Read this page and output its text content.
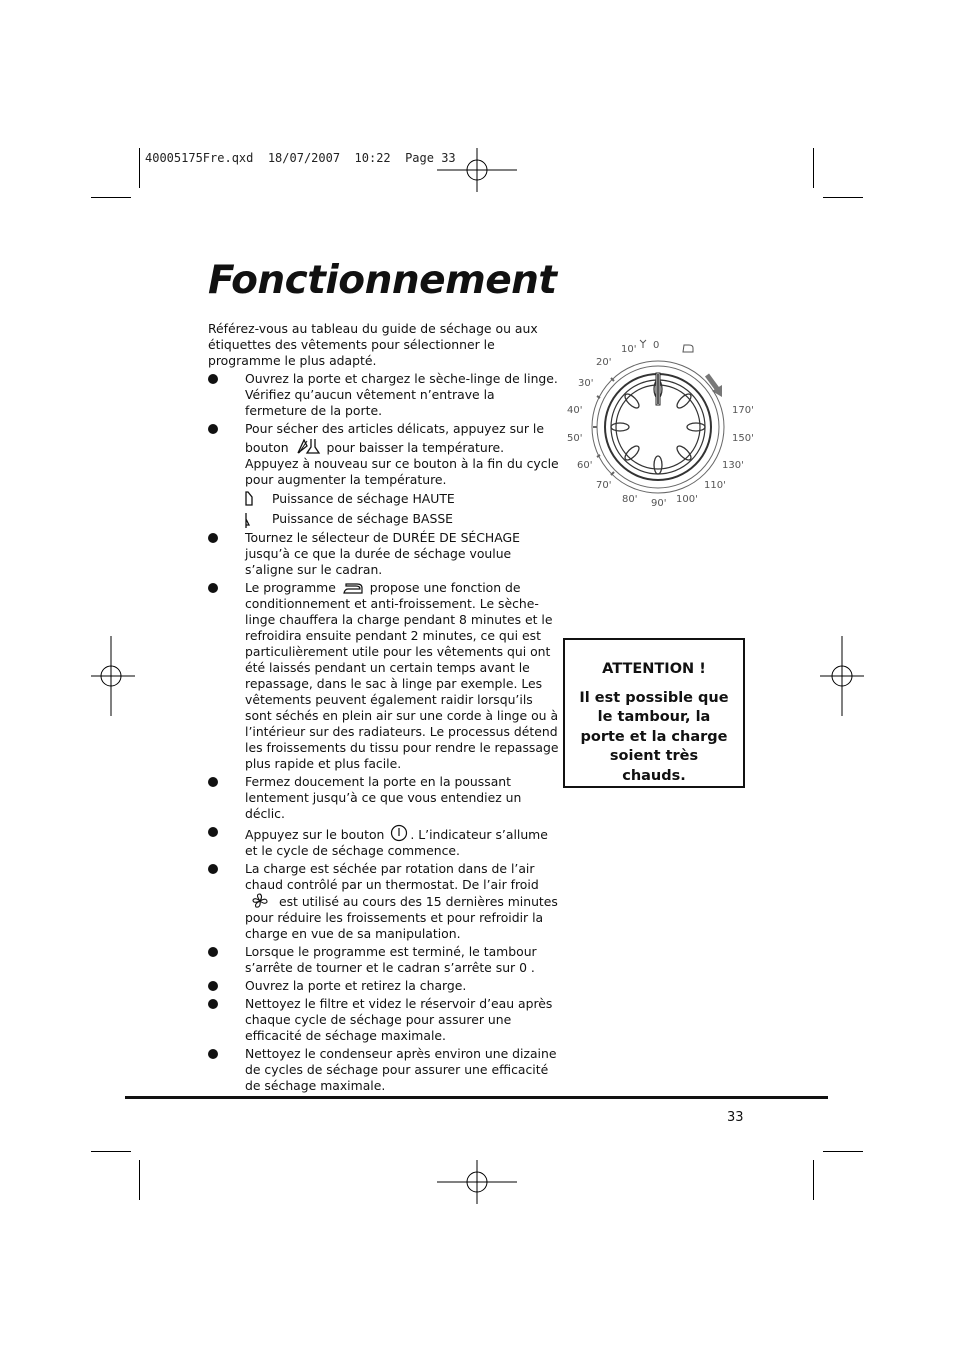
40005175Fre.qxd  18/07/2007  10:22  Page 33
Fonctionnement

Référez-vous au tableau du guide de séchage ou aux étiquettes des vêtements pour sélectionner le programme le plus adapté.

Ouvrez la porte et chargez le sèche-linge de linge. Vérifiez qu’aucun vêtement n’entrave la fermeture de la porte.
Pour sécher des articles délicats, appuyez sur le bouton	pour baisser la température. Appuyez à nouveau sur ce bouton à la fin du cycle pour augmenter la température.
Puissance de séchage HAUTE
Puissance de séchage BASSE
Tournez le sélecteur de DURÉE DE SÉCHAGE jusqu’à ce que la durée de séchage voulue s’aligne sur le cadran.
Le programme	propose une fonction de conditionnement et anti-froissement. Le sèche-linge chauffera la charge pendant 8 minutes et le refroidira ensuite pendant 2 minutes, ce qui est particulièrement utile pour les vêtements qui ont été laissés pendant un certain temps avant le repassage, dans le sac à linge par exemple. Les vêtements peuvent également raidir lorsqu’ils sont séchés en plein air sur une corde à linge ou à l’intérieur sur des radiateurs. Le processus détend les froissements du tissu pour rendre le repassage plus rapide et plus facile.
Fermez doucement la porte en la poussant lentement jusqu’à ce que vous entendiez un déclic.
Appuyez sur le bouton . L’indicateur s’allume et le cycle de séchage commence.
La charge est séchée par rotation dans de l’air chaud contrôlé par un thermostat. De l’air froid  est utilisé au cours des 15 dernières minutes pour réduire les froissements et pour refroidir la charge en vue de sa manipulation.
Lorsque le programme est terminé, le tambour s’arrête de tourner et le cadran s’arrête sur 0 .
Ouvrez la porte et retirez la charge.
Nettoyez le filtre et videz le réservoir d’eau après chaque cycle de séchage pour assurer une efficacité de séchage maximale.
Nettoyez le condenseur après environ une dizaine de cycles de séchage pour assurer une efficacité de séchage maximale.
10' 0
20'
30'
40'
50'
60'
70'
80' 90' 100'
110'
130'
150'
170'
ATTENTION !
Il est possible que le tambour, la porte et la charge soient très chauds.
33
